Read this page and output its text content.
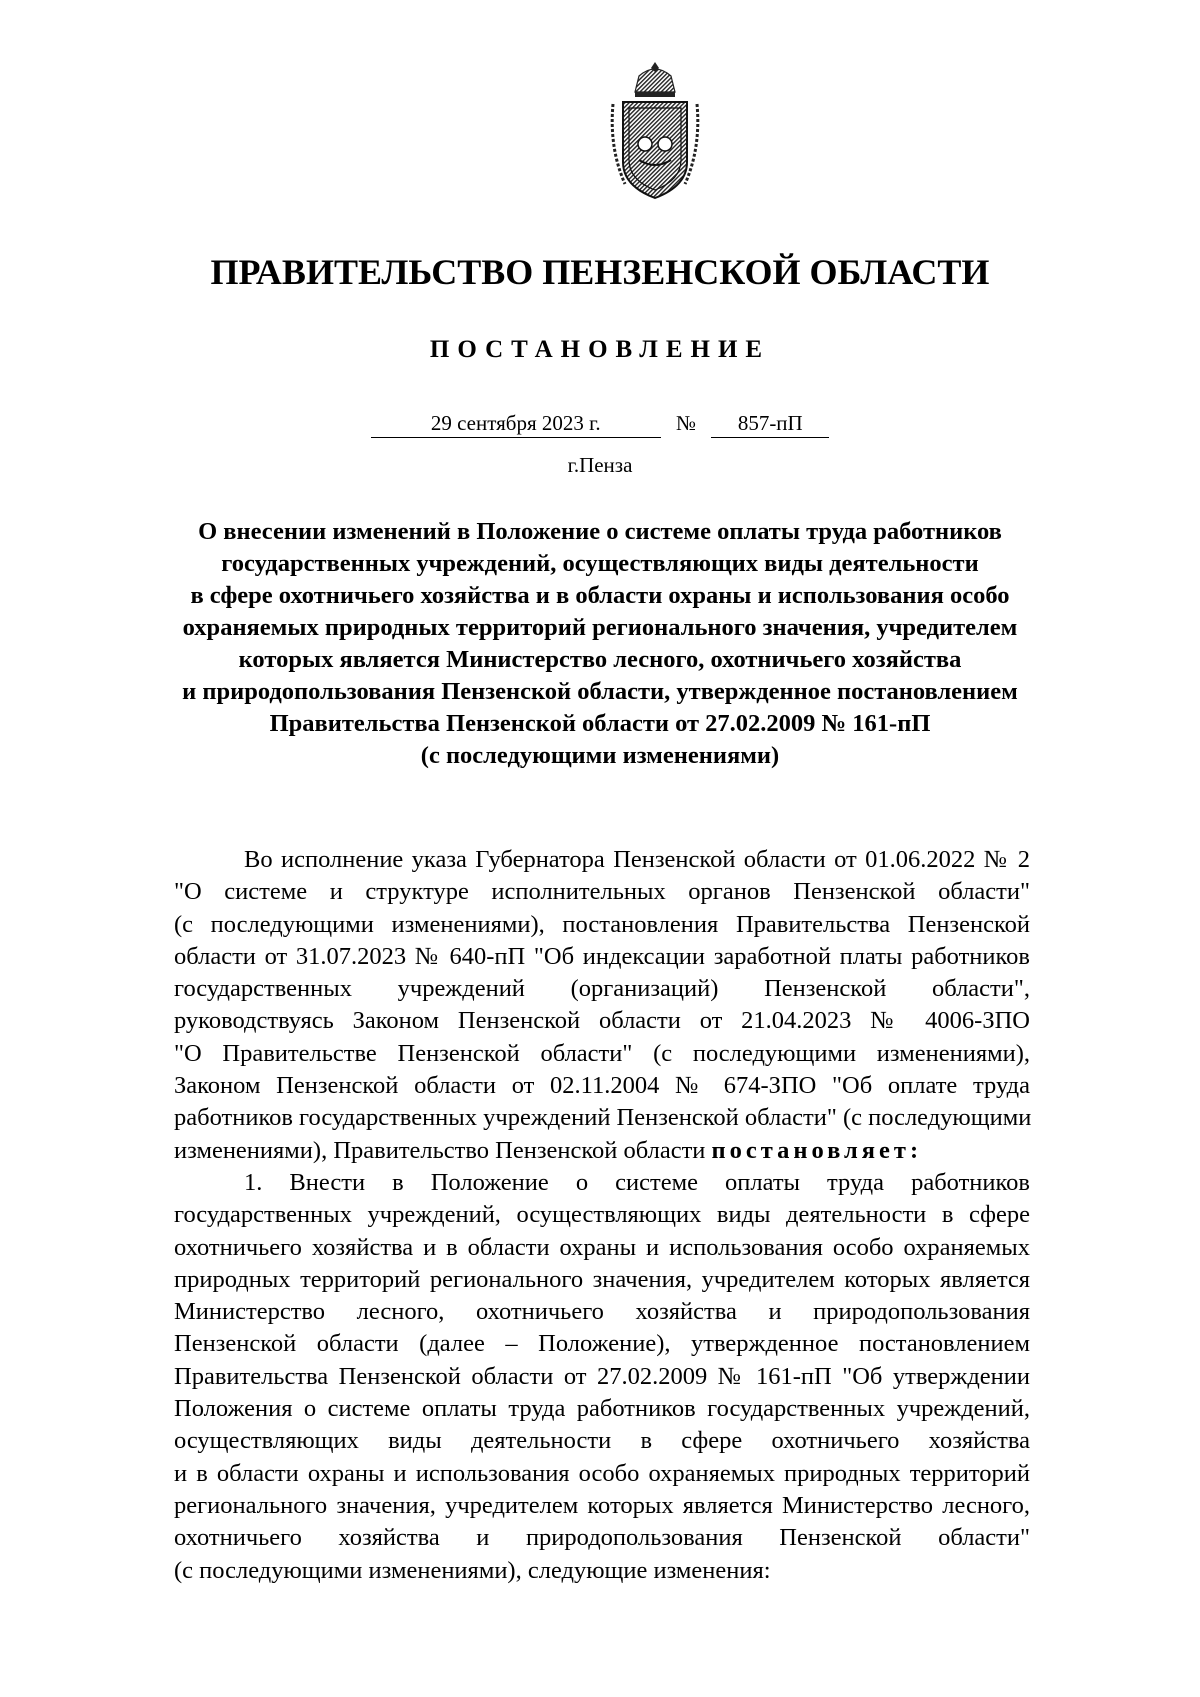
ПРАВИТЕЛЬСТВО ПЕНЗЕНСКОЙ ОБЛАСТИ
ПОСТАНОВЛЕНИЕ
29 сентября 2023 г.	№ 857-пП
г.Пенза
О внесении изменений в Положение о системе оплаты труда работников
государственных учреждений, осуществляющих виды деятельности
в сфере охотничьего хозяйства и в области охраны и использования особо
охраняемых природных территорий регионального значения, учредителем
которых является Министерство лесного, охотничьего хозяйства
и природопользования Пензенской области, утвержденное постановлением
Правительства Пензенской области от 27.02.2009 № 161-пП
(с последующими изменениями)
Во исполнение указа Губернатора Пензенской области от 01.06.2022 № 2
"О системе и структуре исполнительных органов Пензенской области"
(с последующими изменениями), постановления Правительства Пензенской
области от 31.07.2023 № 640-пП "Об индексации заработной платы работников
государственных учреждений (организаций) Пензенской области",
руководствуясь Законом Пензенской области от 21.04.2023 № 4006-ЗПО
"О Правительстве Пензенской области" (с последующими изменениями),
Законом Пензенской области от 02.11.2004 № 674-ЗПО "Об оплате труда
работников государственных учреждений Пензенской области" (с последующими
изменениями), Правительство Пензенской области постановляет:
1. Внести в Положение о системе оплаты труда работников
государственных учреждений, осуществляющих виды деятельности в сфере
охотничьего хозяйства и в области охраны и использования особо охраняемых
природных территорий регионального значения, учредителем которых является
Министерство лесного, охотничьего хозяйства и природопользования
Пензенской области (далее – Положение), утвержденное постановлением
Правительства Пензенской области от 27.02.2009 № 161-пП "Об утверждении
Положения о системе оплаты труда работников государственных учреждений,
осуществляющих виды деятельности в сфере охотничьего хозяйства
и в области охраны и использования особо охраняемых природных территорий
регионального значения, учредителем которых является Министерство лесного,
охотничьего хозяйства и природопользования Пензенской области"
(с последующими изменениями), следующие изменения:
